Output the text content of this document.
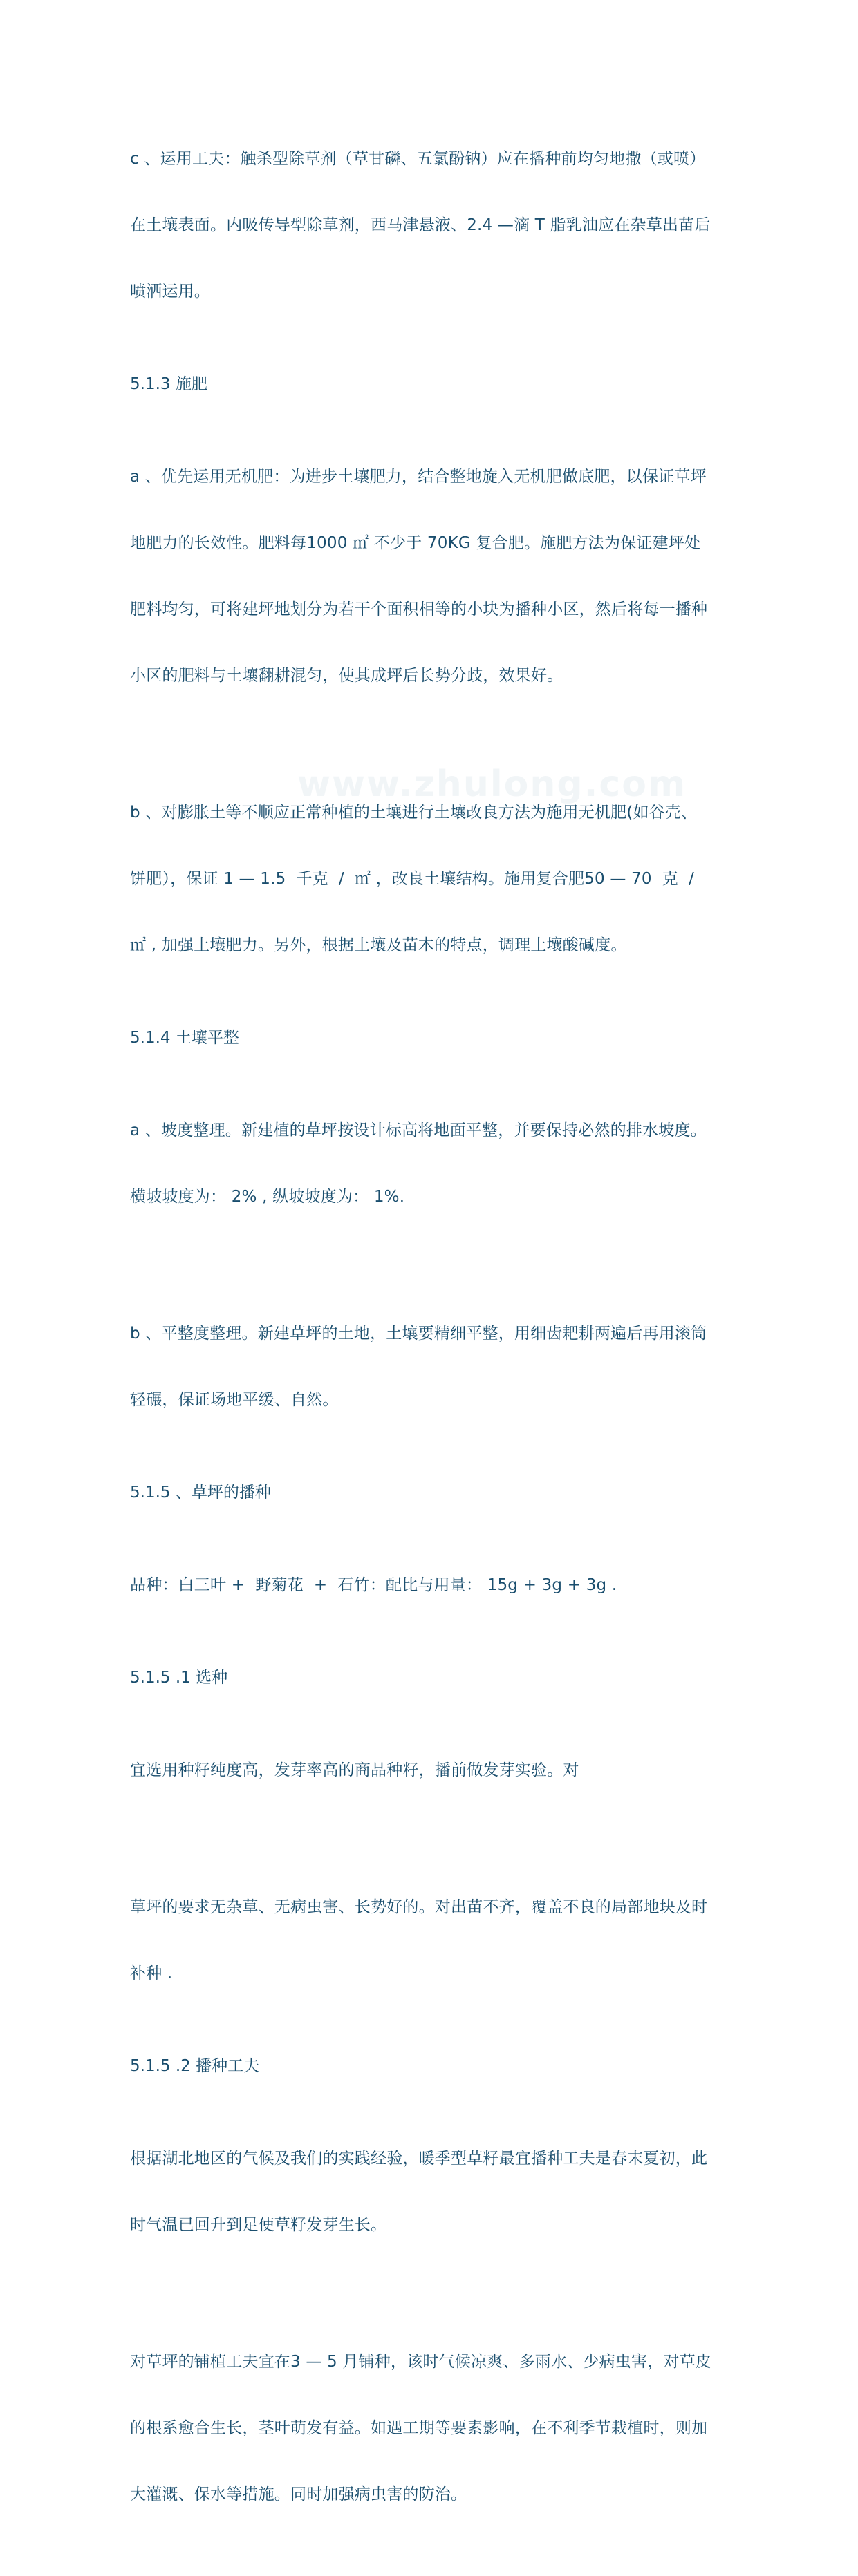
c 、运用工夫：触杀型除草剂（草甘磷、五氯酚钠）应在播种前均匀地撒（或喷）

在土壤表面。内吸传导型除草剂，西马津悬液、2.4 —滴 T 脂乳油应在杂草出苗后

喷洒运用。

5.1.3 施肥

a 、优先运用无机肥：为进步土壤肥力，结合整地旋入无机肥做底肥，以保证草坪

地肥力的长效性。肥料每1000 ㎡ 不少于 70KG 复合肥。施肥方法为保证建坪处

肥料均匀，可将建坪地划分为若干个面积相等的小块为播种小区，然后将每一播种

小区的肥料与土壤翻耕混匀，使其成坪后长势分歧，效果好。

b 、对膨胀土等不顺应正常种植的土壤进行土壤改良方法为施用无机肥(如谷壳、

饼肥），保证 1 — 1.5  千克  /  ㎡ ，改良土壤结构。施用复合肥50 — 70  克  /

㎡ , 加强土壤肥力。另外，根据土壤及苗木的特点，调理土壤酸碱度。

5.1.4 土壤平整

a 、坡度整理。新建植的草坪按设计标高将地面平整，并要保持必然的排水坡度。

横坡坡度为： 2% , 纵坡坡度为： 1%.

b 、平整度整理。新建草坪的土地，土壤要精细平整，用细齿耙耕两遍后再用滚筒

轻碾，保证场地平缓、自然。

5.1.5 、草坪的播种

品种：白三叶 +  野菊花  +  石竹：配比与用量： 15g + 3g + 3g .

5.1.5 .1 选种

宜选用种籽纯度高，发芽率高的商品种籽，播前做发芽实验。对

草坪的要求无杂草、无病虫害、长势好的。对出苗不齐，覆盖不良的局部地块及时

补种 .

5.1.5 .2 播种工夫

根据湖北地区的气候及我们的实践经验，暖季型草籽最宜播种工夫是春末夏初，此

时气温已回升到足使草籽发芽生长。

对草坪的铺植工夫宜在3 — 5 月铺种，该时气候凉爽、多雨水、少病虫害，对草皮

的根系愈合生长，茎叶萌发有益。如遇工期等要素影响，在不利季节栽植时，则加

大灌溉、保水等措施。同时加强病虫害的防治。

www.zhulong.com
